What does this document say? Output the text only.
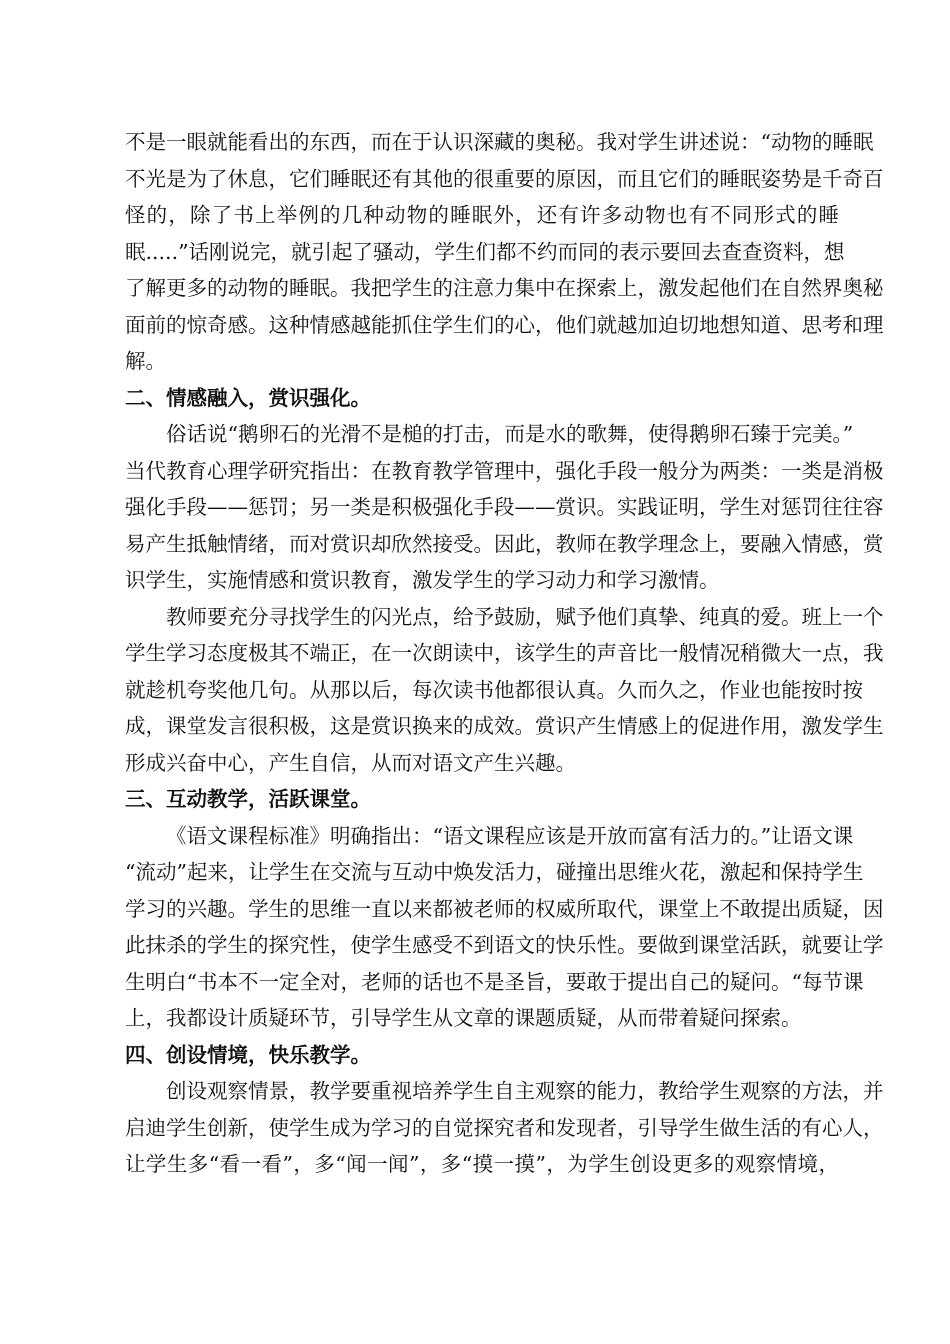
不是一眼就能看出的东西，而在于认识深藏的奥秘。我对学生讲述说：“动物的睡眠
不光是为了休息，它们睡眠还有其他的很重要的原因，而且它们的睡眠姿势是千奇百
怪的，除了书上举例的几种动物的睡眠外，还有许多动物也有不同形式的睡
眠.....”话刚说完，就引起了骚动，学生们都不约而同的表示要回去查查资料，想
了解更多的动物的睡眠。我把学生的注意力集中在探索上，激发起他们在自然界奥秘
面前的惊奇感。这种情感越能抓住学生们的心，他们就越加迫切地想知道、思考和理
解。
二、情感融入，赏识强化。
俗话说“鹅卵石的光滑不是槌的打击，而是水的歌舞，使得鹅卵石臻于完美。”
当代教育心理学研究指出：在教育教学管理中，强化手段一般分为两类：一类是消极
强化手段——惩罚；另一类是积极强化手段——赏识。实践证明，学生对惩罚往往容
易产生抵触情绪，而对赏识却欣然接受。因此，教师在教学理念上，要融入情感，赏
识学生，实施情感和赏识教育，激发学生的学习动力和学习激情。
教师要充分寻找学生的闪光点，给予鼓励，赋予他们真挚、纯真的爱。班上一个
学生学习态度极其不端正，在一次朗读中，该学生的声音比一般情况稍微大一点，我
就趁机夸奖他几句。从那以后，每次读书他都很认真。久而久之，作业也能按时按
成，课堂发言很积极，这是赏识换来的成效。赏识产生情感上的促进作用，激发学生
形成兴奋中心，产生自信，从而对语文产生兴趣。
三、互动教学，活跃课堂。
《语文课程标准》明确指出：“语文课程应该是开放而富有活力的。”让语文课
“流动”起来，让学生在交流与互动中焕发活力，碰撞出思维火花，激起和保持学生
学习的兴趣。学生的思维一直以来都被老师的权威所取代，课堂上不敢提出质疑，因
此抹杀的学生的探究性，使学生感受不到语文的快乐性。要做到课堂活跃，就要让学
生明白“书本不一定全对，老师的话也不是圣旨，要敢于提出自己的疑问。“每节课
上，我都设计质疑环节，引导学生从文章的课题质疑，从而带着疑问探索。
四、创设情境，快乐教学。
创设观察情景，教学要重视培养学生自主观察的能力，教给学生观察的方法，并
启迪学生创新，使学生成为学习的自觉探究者和发现者，引导学生做生活的有心人，
让学生多“看一看”，多“闻一闻”，多“摸一摸”，为学生创设更多的观察情境，
